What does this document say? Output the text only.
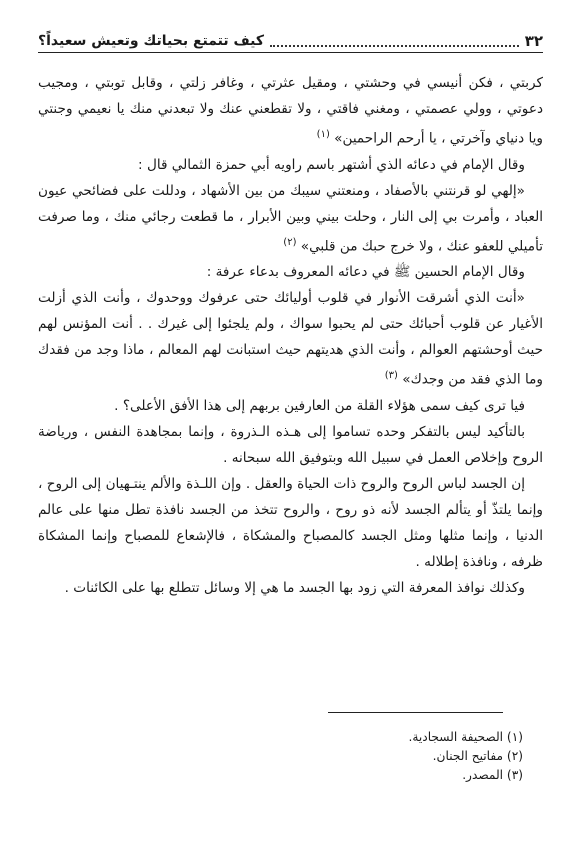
٣٢
كيف تتمتع بحياتك وتعيش سعيداً؟

كربتي ، فكن أنيسي في وحشتي ، ومقيل عثرتي ، وغافر زلتي ، وقابل توبتي ، ومجيب دعوتي ، وولي عصمتي ، ومغني فاقتي ، ولا تقطعني عنك ولا تبعدني منك يا نعيمي وجنتي ويا دنياي وآخرتي ، يا أرحم الراحمين» $^{(١)}$

وقال الإمام في دعائه الذي أشتهر باسم راويه أبي حمزة الثمالي قال :

«إلهي لو قرنتني بالأصفاد ، ومنعتني سيبك من بين الأشهاد ، ودللت على فضائحي عيون العباد ، وأمرت بي إلى النار ، وحلت بيني وبين الأبرار ، ما قطعت رجائي منك ، وما صرفت تأميلي للعفو عنك ، ولا خرج حبك من قلبي» $^{(٢)}$

وقال الإمام الحسين ﷺ في دعائه المعروف بدعاء عرفة :

«أنت الذي أشرقت الأنوار في قلوب أوليائك حتى عرفوك ووحدوك ، وأنت الذي أزلت الأغيار عن قلوب أحبائك حتى لم يحبوا سواك ، ولم يلجئوا إلى غيرك . . أنت المؤنس لهم حيث أوحشتهم العوالم ، وأنت الذي هديتهم حيث استبانت لهم المعالم ، ماذا وجد من فقدك وما الذي فقد من وجدك» $^{(٣)}$

فيا ترى كيف سمى هؤلاء القلة من العارفين بربهم إلى هذا الأفق الأعلى؟ .

بالتأكيد ليس بالتفكر وحده تساموا إلى هـذه الـذروة ، وإنما بمجاهدة النفس ، ورياضة الروح وإخلاص العمل في سبيل الله وبتوفيق الله سبحانه .

إن الجسد لباس الروح والروح ذات الحياة والعقل . وإن اللـذة والألم ينتـهيان إلى الروح ، وإنما يلتذّ أو يتألم الجسد لأنه ذو روح ، والروح تتخذ من الجسد نافذة تطل منها على عالم الدنيا ، وإنما مثلها ومثل الجسد كالمصباح والمشكاة ، فالإشعاع للمصباح وإنما المشكاة ظرفه ، ونافذة إطلاله .

وكذلك نوافذ المعرفة التي زود بها الجسد ما هي إلا وسائل تتطلع بها على الكائنات .

(١) الصحيفة السجادية.

(٢) مفاتيح الجنان.

(٣) المصدر.
